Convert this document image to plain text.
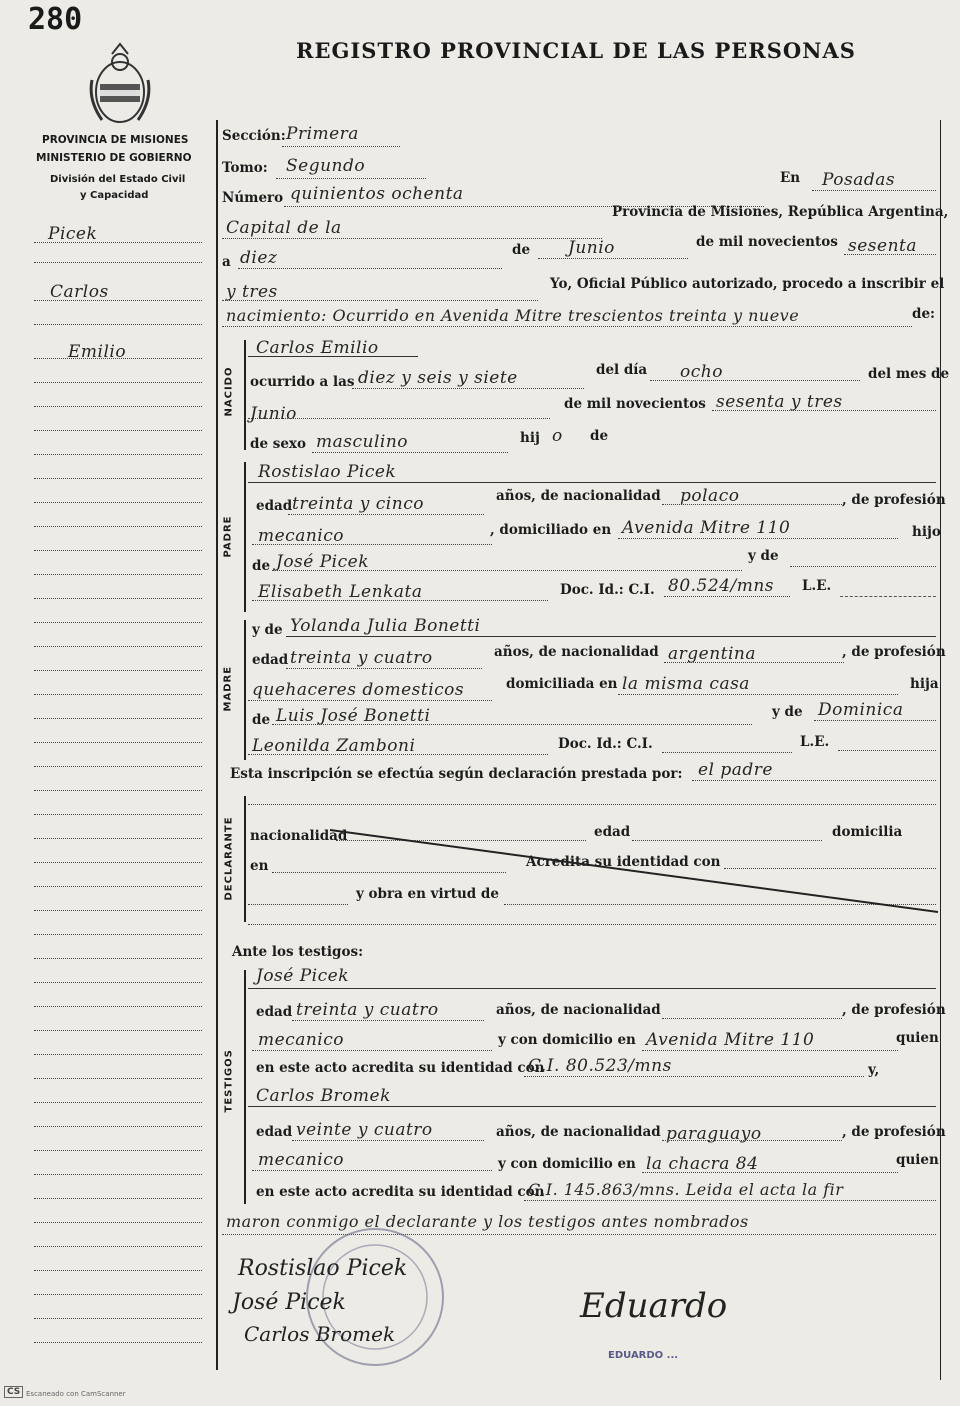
280
REGISTRO PROVINCIAL DE LAS PERSONAS
PROVINCIA DE MISIONES
MINISTERIO DE GOBIERNO
División del Estado Civil
y Capacidad
Picek
Carlos
Emilio
Sección: Primera
Tomo: Segundo
Número quinientos ochenta
En Posadas
Capital de la
Provincia de Misiones, República Argentina,
a diez	de Junio	de mil novecientos sesenta
y tres	Yo, Oficial Público autorizado, procedo a inscribir el
nacimiento: Ocurrido en Avenida Mitre trescientos treinta y nueve	de:
NACIDO
Carlos Emilio
ocurrido a las diez y seis y siete	del día ocho	del mes de
Junio	de mil novecientos sesenta y tres
de sexo masculino	hij o de
PADRE
Rostislao Picek
edad treinta y cinco	años, de nacionalidad polaco	, de profesión
mecanico	, domiciliado en Avenida Mitre 110	hijo
de José Picek	y de
Elisabeth Lenkata	Doc. Id.: C.I. 80.524/mns L.E.
MADRE
y de Yolanda Julia Bonetti
edad treinta y cuatro	años, de nacionalidad argentina	, de profesión
quehaceres domesticos	domiciliada en la misma casa	hija
de Luis José Bonetti	y de Dominica
Leonilda Zamboni	Doc. Id.: C.I.	L.E.
Esta inscripción se efectúa según declaración prestada por: el padre
DECLARANTE nacionalidad	edad	domicilia
en	Acredita su identidad con
y obra en virtud de
Ante los testigos:
TESTIGOS
José Picek
edad treinta y cuatro	años, de nacionalidad	, de profesión
mecanico	y con domicilio en Avenida Mitre 110	quien
en este acto acredita su identidad con
C.I. 80.523/mns	y,
Carlos Bromek
edad veinte y cuatro	años, de nacionalidad paraguayo	, de profesión
mecanico	y con domicilio en la chacra 84	quien
en este acto acredita su identidad con
C.I. 145.863/mns. Leida el acta la fir
maron conmigo el declarante y los testigos antes nombrados
Rostislao Picek
José Picek
Carlos Bromek
Eduardo
EDUARDO ...
CS Escaneado con CamScanner
